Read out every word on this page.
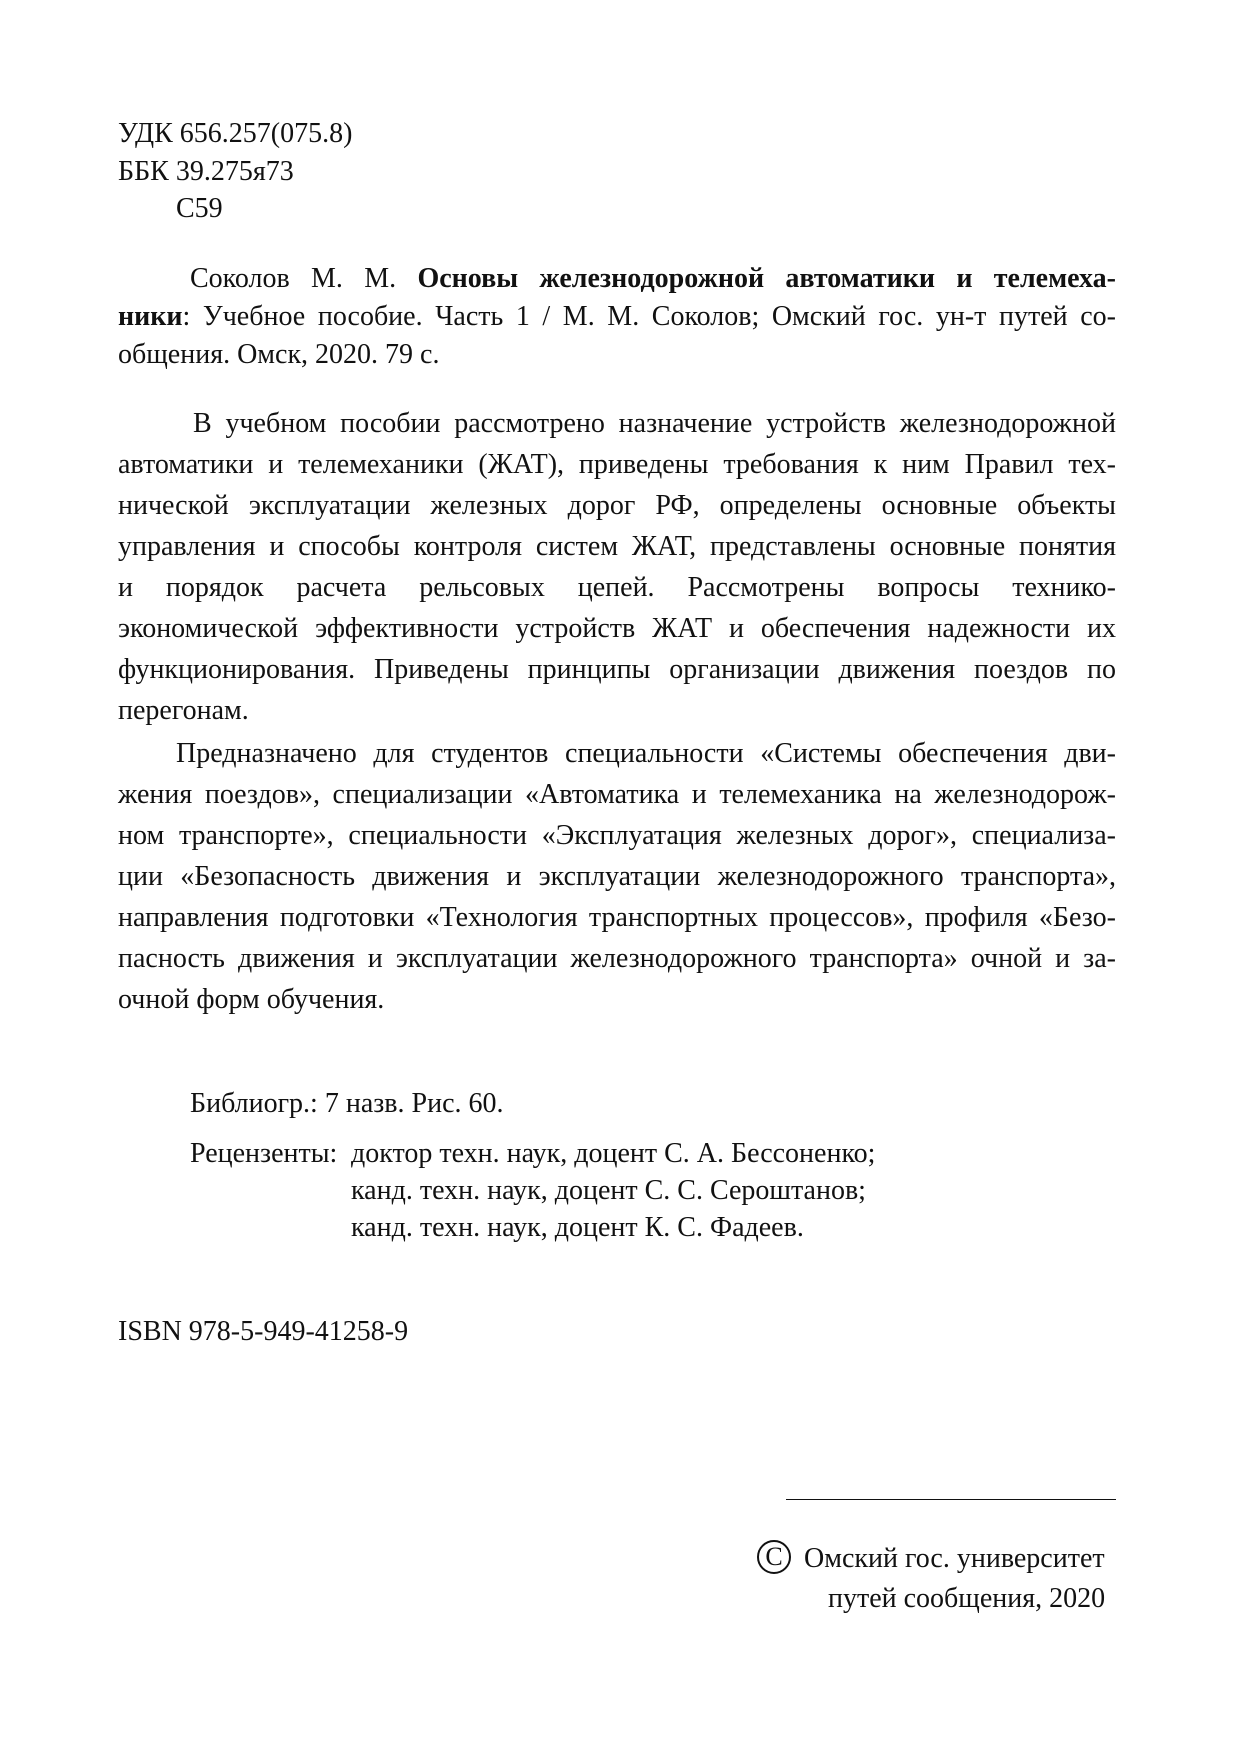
УДК 656.257(075.8)
ББК 39.275я73
С59
Соколов М. М. Основы железнодорожной автоматики и телемеха-
ники: Учебное пособие. Часть 1 / М. М. Соколов; Омский гос. ун-т путей со-
общения. Омск, 2020. 79 с.
В учебном пособии рассмотрено назначение устройств железнодорожной
автоматики и телемеханики (ЖАТ), приведены требования к ним Правил тех-
нической эксплуатации железных дорог РФ, определены основные объекты
управления и способы контроля систем ЖАТ, представлены основные понятия
и порядок расчета рельсовых цепей. Рассмотрены вопросы технико-
экономической эффективности устройств ЖАТ и обеспечения надежности их
функционирования. Приведены принципы организации движения поездов по
перегонам.
Предназначено для студентов специальности «Системы обеспечения дви-
жения поездов», специализации «Автоматика и телемеханика на железнодорож-
ном транспорте», специальности «Эксплуатация железных дорог», специализа-
ции «Безопасность движения и эксплуатации железнодорожного транспорта»,
направления подготовки «Технология транспортных процессов», профиля «Безо-
пасность движения и эксплуатации железнодорожного транспорта» очной и за-
очной форм обучения.
Библиогр.: 7 назв. Рис. 60.
Рецензенты: доктор техн. наук, доцент С. А. Бессоненко;
канд. техн. наук, доцент С. С. Сероштанов;
канд. техн. наук, доцент К. С. Фадеев.
ISBN 978-5-949-41258-9
С Омский гос. университет
путей сообщения, 2020
